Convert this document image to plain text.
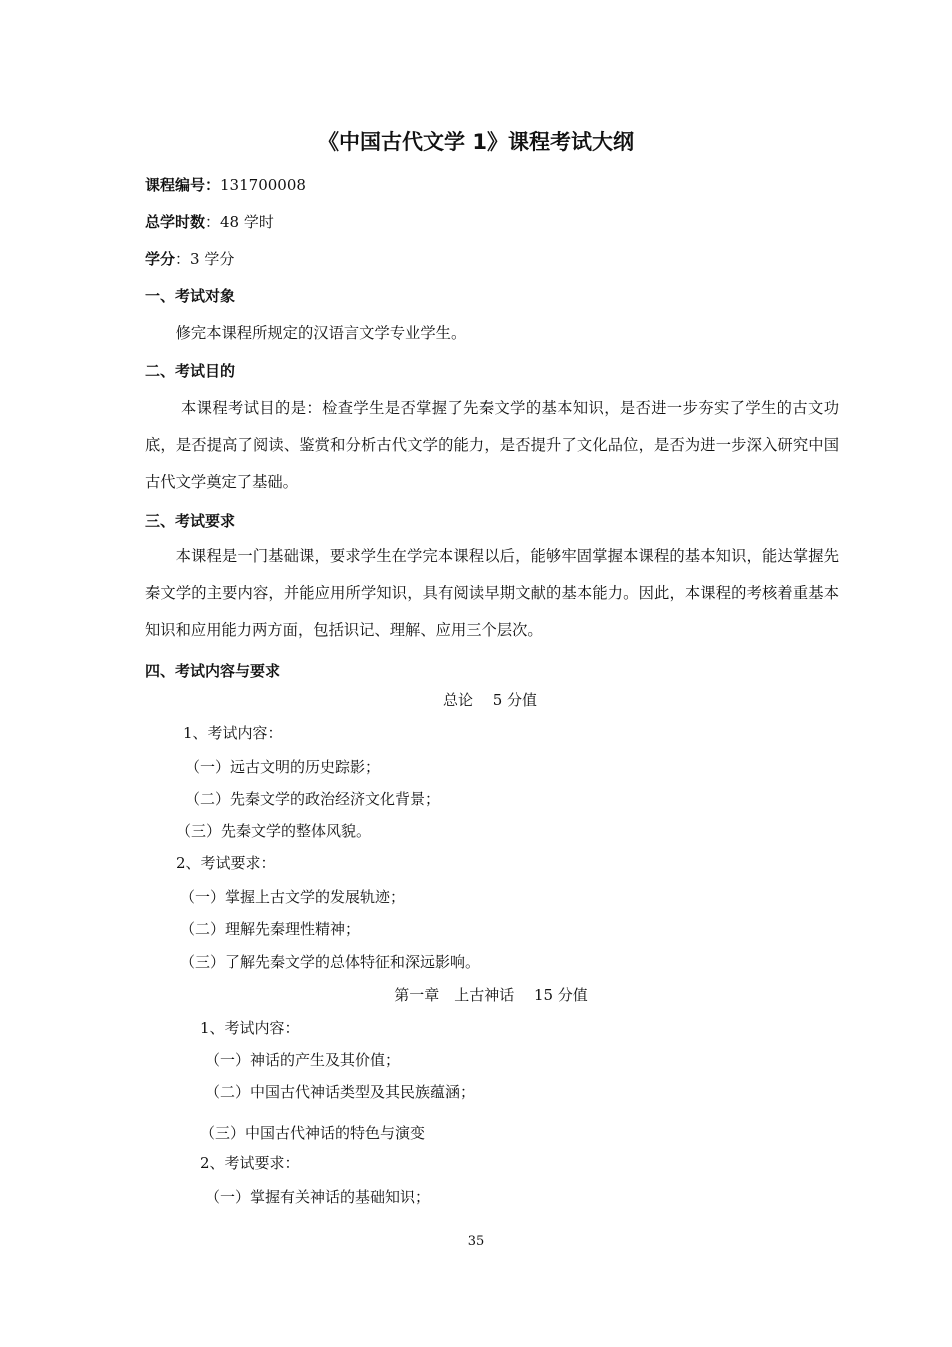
《中国古代文学 1》课程考试大纲
课程编号：131700008
总学时数：48 学时
学分：3 学分
一、考试对象
修完本课程所规定的汉语言文学专业学生。
二、考试目的
本课程考试目的是：检查学生是否掌握了先秦文学的基本知识，是否进一步夯实了学生的古文功底，是否提高了阅读、鉴赏和分析古代文学的能力，是否提升了文化品位，是否为进一步深入研究中国古代文学奠定了基础。
三、考试要求
本课程是一门基础课，要求学生在学完本课程以后，能够牢固掌握本课程的基本知识，能达掌握先秦文学的主要内容，并能应用所学知识，具有阅读早期文献的基本能力。因此，本课程的考核着重基本知识和应用能力两方面，包括识记、理解、应用三个层次。
四、考试内容与要求
总论　 5 分值
1、考试内容：
（一）远古文明的历史踪影；
（二）先秦文学的政治经济文化背景；
（三）先秦文学的整体风貌。
2、考试要求：
（一）掌握上古文学的发展轨迹；
（二）理解先秦理性精神；
（三）了解先秦文学的总体特征和深远影响。
第一章　上古神话　 15 分值
1、考试内容：
（一）神话的产生及其价值；
（二）中国古代神话类型及其民族蕴涵；
（三）中国古代神话的特色与演变
2、考试要求：
（一）掌握有关神话的基础知识；
35
